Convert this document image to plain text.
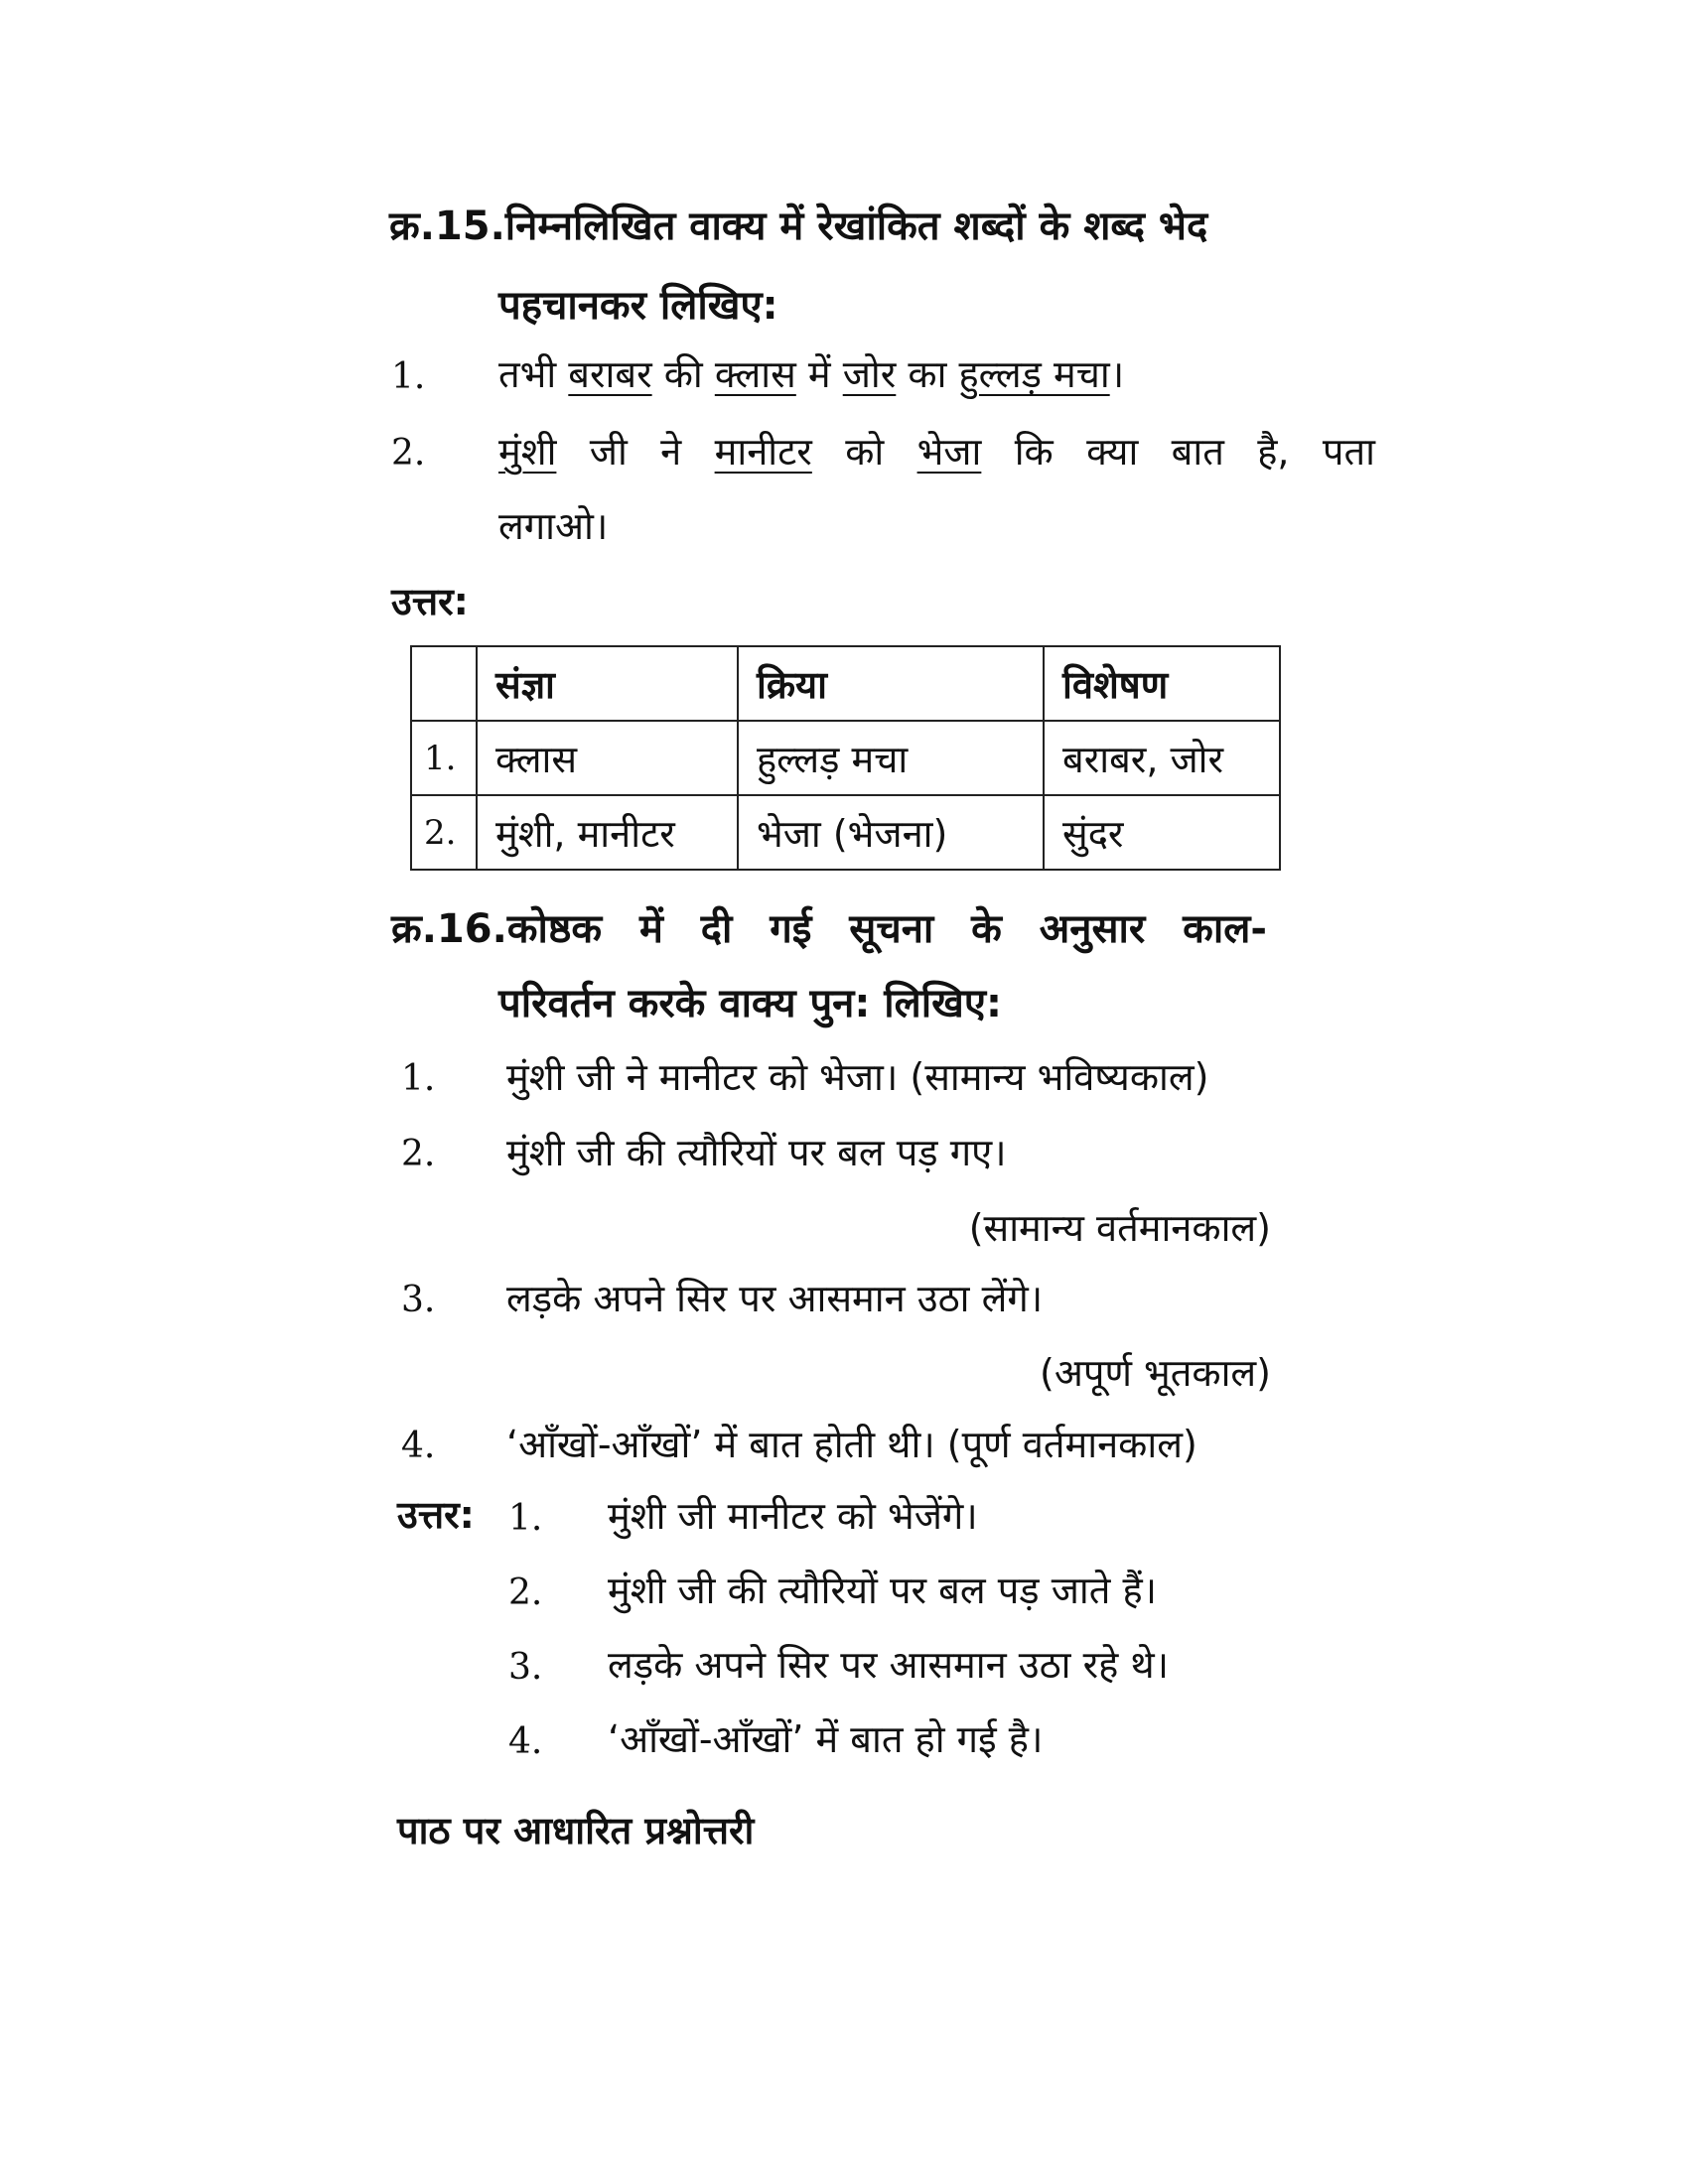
क्र.15.निम्नलिखित वाक्य में रेखांकित शब्दों के शब्द भेद
पहचानकर लिखिए:
1. तभी बराबर की क्लास में जोर का हुल्लड़ मचा।
2. मुंशी जी ने मानीटर को भेजा कि क्या बात है, पता
लगाओ।
उत्तर:
	संज्ञा	क्रिया	विशेषण
1.	क्लास	हुल्लड़ मचा	बराबर, जोर
2.	मुंशी, मानीटर	भेजा (भेजना)	सुंदर
क्र.16.कोष्ठक में दी गई सूचना के अनुसार काल-
परिवर्तन करके वाक्य पुन: लिखिए:
1. मुंशी जी ने मानीटर को भेजा। (सामान्य भविष्यकाल)
2. मुंशी जी की त्यौरियों पर बल पड़ गए।
(सामान्य वर्तमानकाल)
3. लड़के अपने सिर पर आसमान उठा लेंगे।
(अपूर्ण भूतकाल)
4. ‘आँखों-आँखों’ में बात होती थी। (पूर्ण वर्तमानकाल)
उत्तर: 1. मुंशी जी मानीटर को भेजेंगे।
2. मुंशी जी की त्यौरियों पर बल पड़ जाते हैं।
3. लड़के अपने सिर पर आसमान उठा रहे थे।
4. ‘आँखों-आँखों’ में बात हो गई है।
पाठ पर आधारित प्रश्नोत्तरी
